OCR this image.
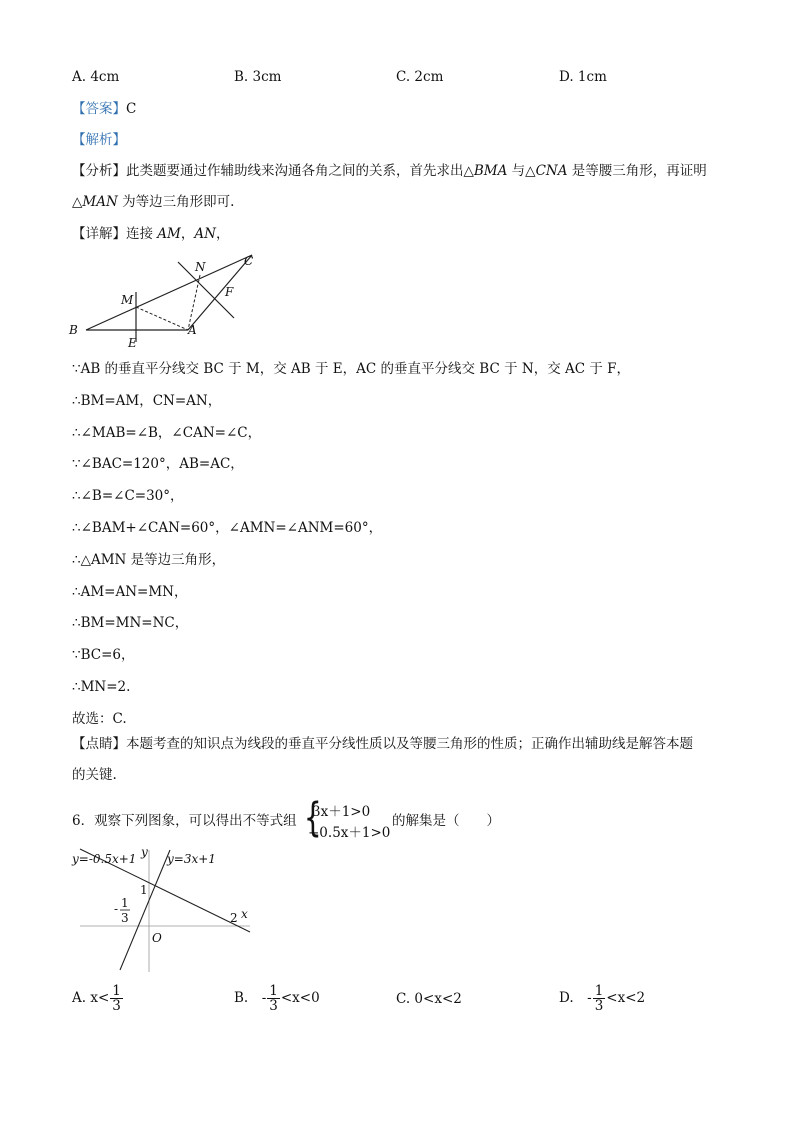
A. 4cm	B. 3cm	C. 2cm	D. 1cm
【答案】C
【解析】
【分析】此类题要通过作辅助线来沟通各角之间的关系，首先求出△BMA 与△CNA 是等腰三角形，再证明
△MAN 为等边三角形即可.
【详解】连接 AM，AN，
B
E
M
A
N	C
F
∵AB 的垂直平分线交 BC 于 M，交 AB 于 E，AC 的垂直平分线交 BC 于 N，交 AC 于 F，
∴BM=AM，CN=AN，
∴∠MAB=∠B，∠CAN=∠C，
∵∠BAC=120°，AB=AC，
∴∠B=∠C=30°，
∴∠BAM+∠CAN=60°，∠AMN=∠ANM=60°，
∴△AMN 是等边三角形，
∴AM=AN=MN，
∴BM=MN=NC，
∵BC=6，
∴MN=2.
故选：C.
【点睛】本题考查的知识点为线段的垂直平分线性质以及等腰三角形的性质；正确作出辅助线是解答本题
的关键.
6．观察下列图象，可以得出不等式组 {
3x＋1>0
−0.5x＋1>0
的解集是（　　）
y=-0.5x+1	y=3x+1
y
x
O
1
2
- 1
3
A. $x< \frac{1}{3}$	B.　- $\frac{1}{3} <x<0$	C. 0<x<2	D.　- $\frac{1}{3} <x<2$
